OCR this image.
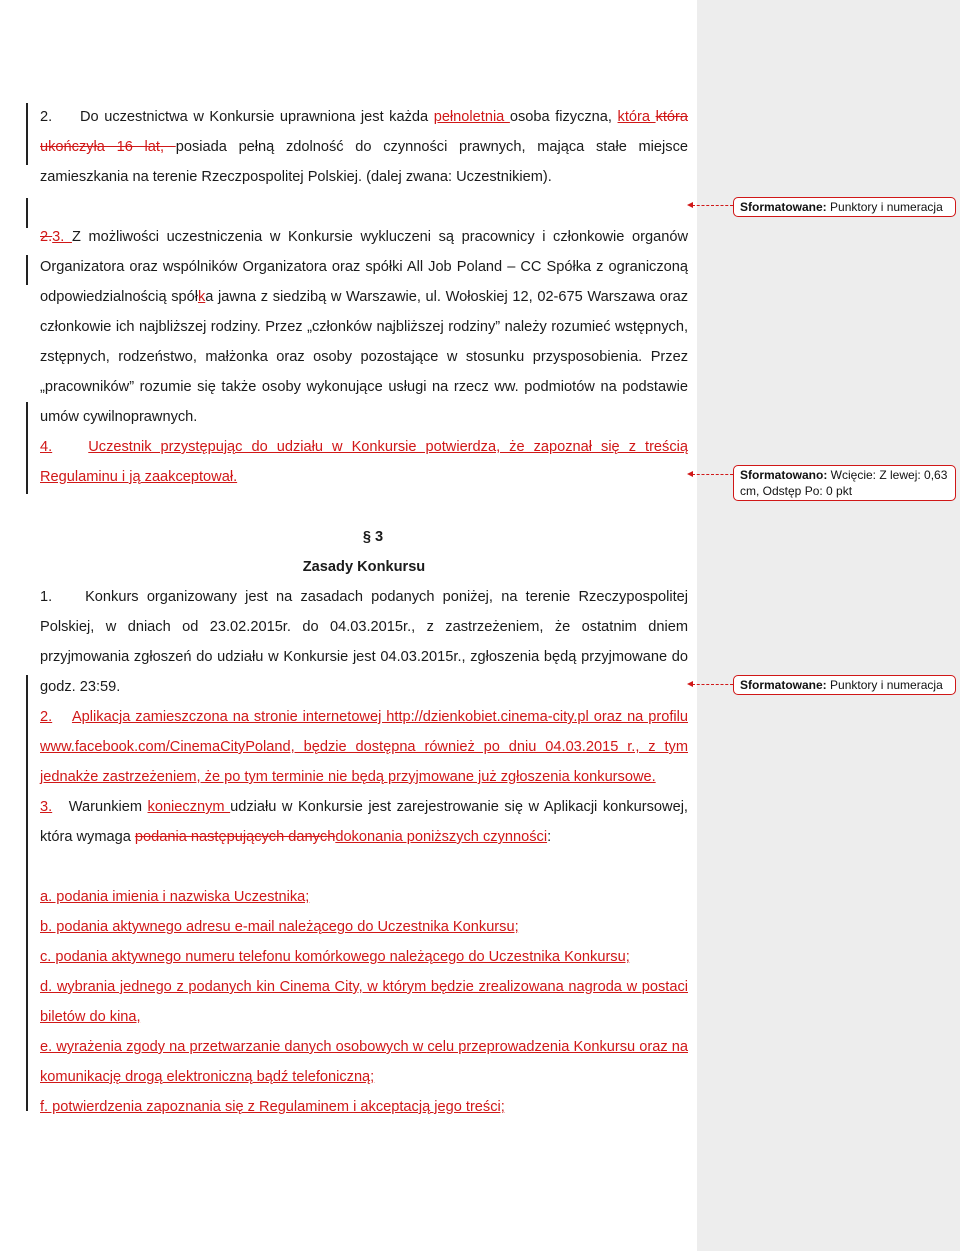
2. Do uczestnictwa w Konkursie uprawniona jest każda pełnoletnia osoba fizyczna, która która ukończyła 16 lat, posiada pełną zdolność do czynności prawnych, mająca stałe miejsce zamieszkania na terenie Rzeczpospolitej Polskiej. (dalej zwana: Uczestnikiem).
2.3. Z możliwości uczestniczenia w Konkursie wykluczeni są pracownicy i członkowie organów Organizatora oraz wspólników Organizatora oraz spółki All Job Poland – CC Spółka z ograniczoną odpowiedzialnością spółka jawna z siedzibą w Warszawie, ul. Wołoskiej 12, 02-675 Warszawa oraz członkowie ich najbliższej rodziny. Przez „członków najbliższej rodziny” należy rozumieć wstępnych, zstępnych, rodzeństwo, małżonka oraz osoby pozostające w stosunku przysposobienia. Przez „pracowników” rozumie się także osoby wykonujące usługi na rzecz ww. podmiotów na podstawie umów cywilnoprawnych.
4. Uczestnik przystępując do udziału w Konkursie potwierdza, że zapoznał się z treścią Regulaminu i ją zaakceptował.
§ 3
Zasady Konkursu
1. Konkurs organizowany jest na zasadach podanych poniżej, na terenie Rzeczypospolitej Polskiej, w dniach od 23.02.2015r. do 04.03.2015r., z zastrzeżeniem, że ostatnim dniem przyjmowania zgłoszeń do udziału w Konkursie jest 04.03.2015r., zgłoszenia będą przyjmowane do godz. 23:59.
2. Aplikacja zamieszczona na stronie internetowej http://dzienkobiet.cinema-city.pl oraz na profilu www.facebook.com/CinemaCityPoland, będzie dostępna również po dniu 04.03.2015 r., z tym jednakże zastrzeżeniem, że po tym terminie nie będą przyjmowane już zgłoszenia konkursowe.
3.   Warunkiem koniecznym udziału w Konkursie jest zarejestrowanie się w Aplikacji konkursowej, która wymaga podania następujących danychdokonania poniższych czynności:
a. podania imienia i nazwiska Uczestnika;
b. podania aktywnego adresu e-mail należącego do Uczestnika Konkursu;
c. podania aktywnego numeru telefonu komórkowego należącego do Uczestnika Konkursu;
d. wybrania jednego z podanych kin Cinema City, w którym będzie zrealizowana nagroda w postaci biletów do kina,
e. wyrażenia zgody na przetwarzanie danych osobowych w celu przeprowadzenia Konkursu oraz na komunikację drogą elektroniczną bądź telefoniczną;
f. potwierdzenia zapoznania się z Regulaminem i akceptacją jego treści;
Sformatowane: Punktory i numeracja
Sformatowano: Wcięcie: Z lewej: 0,63 cm, Odstęp Po: 0 pkt
Sformatowane: Punktory i numeracja
